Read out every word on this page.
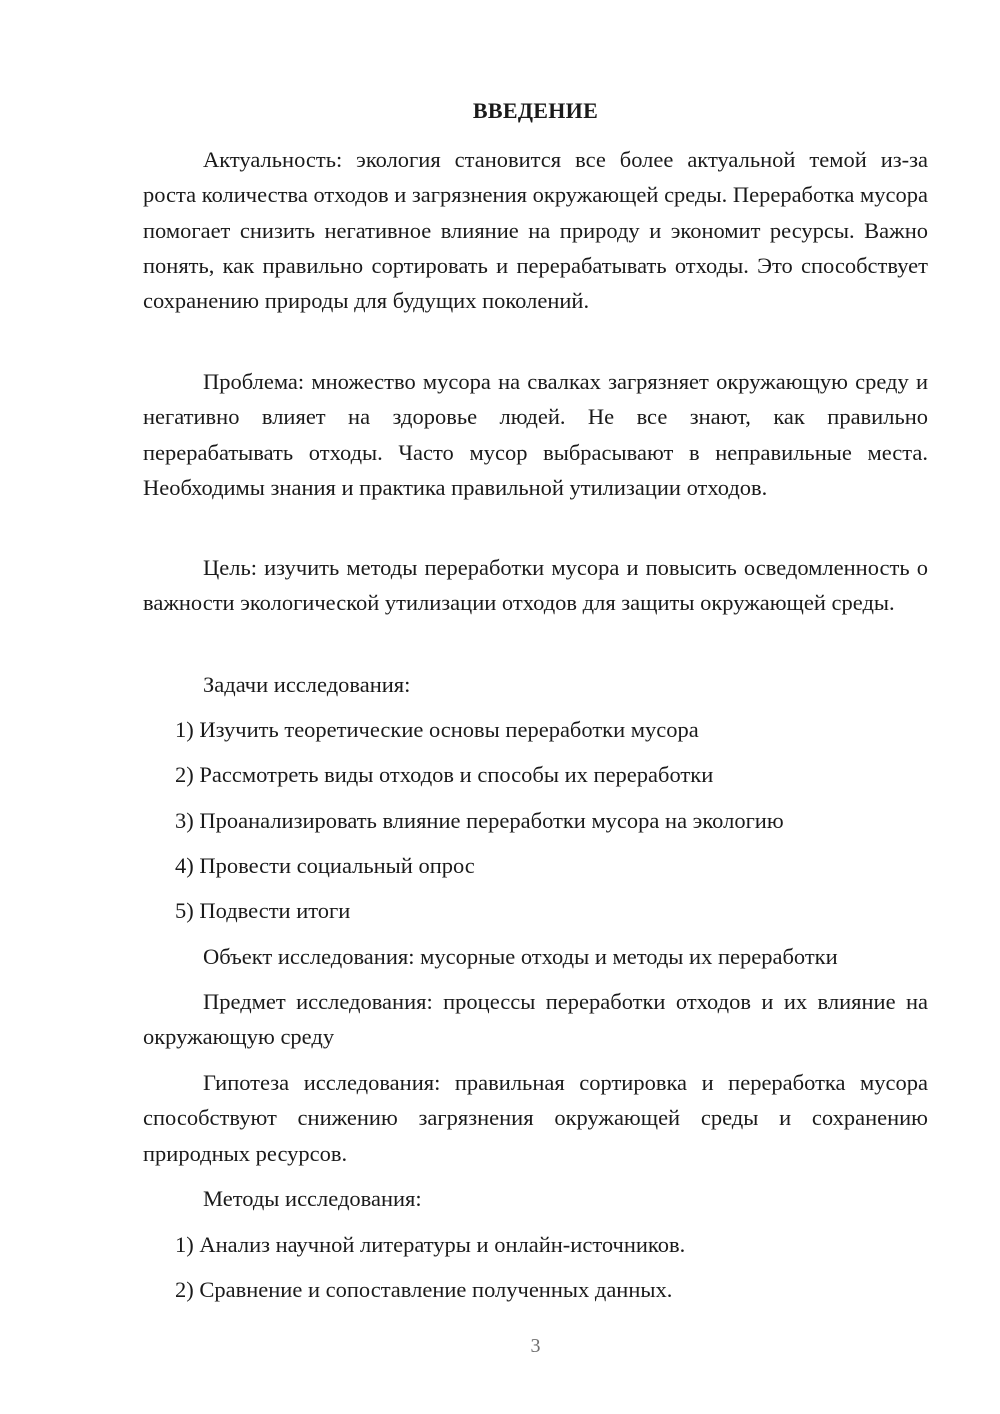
ВВЕДЕНИЕ

Актуальность: экология становится все более актуальной темой из-за роста количества отходов и загрязнения окружающей среды. Переработка мусора помогает снизить негативное влияние на природу и экономит ресурсы. Важно понять, как правильно сортировать и перерабатывать отходы. Это способствует сохранению природы для будущих поколений.

Проблема: множество мусора на свалках загрязняет окружающую среду и негативно влияет на здоровье людей. Не все знают, как правильно перерабатывать отходы. Часто мусор выбрасывают в неправильные места. Необходимы знания и практика правильной утилизации отходов.

Цель: изучить методы переработки мусора и повысить осведомленность о важности экологической утилизации отходов для защиты окружающей среды.

Задачи исследования:
1) Изучить теоретические основы переработки мусора
2) Рассмотреть виды отходов и способы их переработки
3) Проанализировать влияние переработки мусора на экологию
4) Провести социальный опрос
5) Подвести итоги

Объект исследования: мусорные отходы и методы их переработки

Предмет исследования: процессы переработки отходов и их влияние на окружающую среду

Гипотеза исследования: правильная сортировка и переработка мусора способствуют снижению загрязнения окружающей среды и сохранению природных ресурсов.

Методы исследования:
1) Анализ научной литературы и онлайн-источников.
2) Сравнение и сопоставление полученных данных.
3
